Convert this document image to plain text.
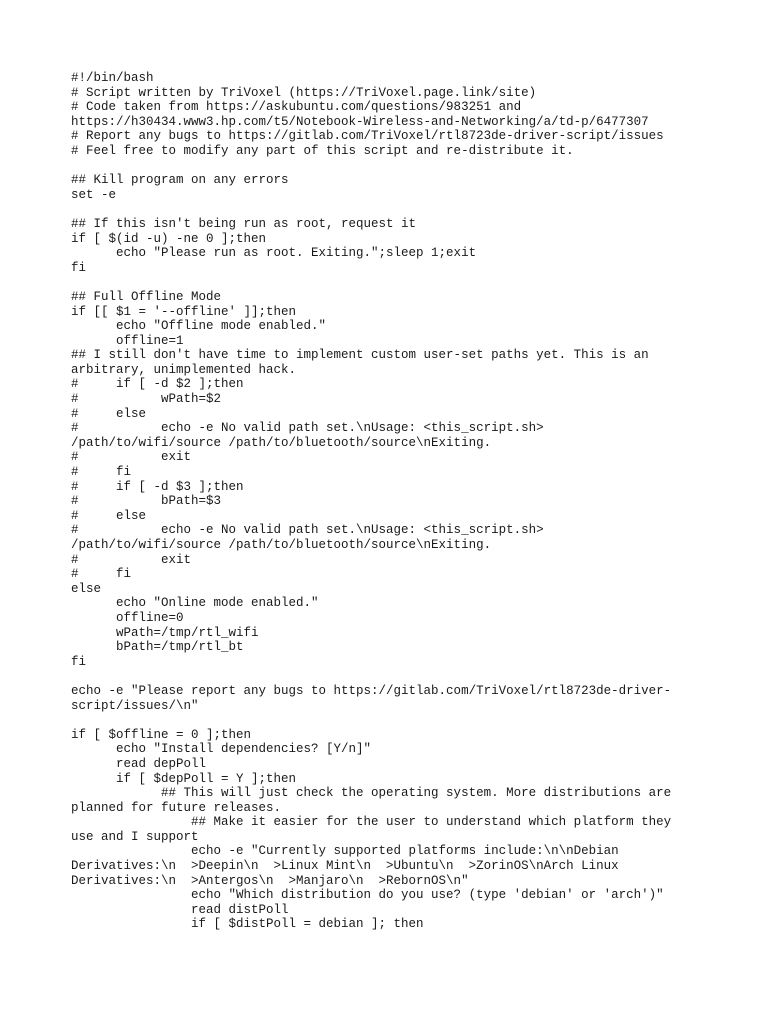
#!/bin/bash
# Script written by TriVoxel (https://TriVoxel.page.link/site)
# Code taken from https://askubuntu.com/questions/983251 and
https://h30434.www3.hp.com/t5/Notebook-Wireless-and-Networking/a/td-p/6477307
# Report any bugs to https://gitlab.com/TriVoxel/rtl8723de-driver-script/issues
# Feel free to modify any part of this script and re-distribute it.
## Kill program on any errors
set -e
## If this isn't being run as root, request it
if [ $(id -u) -ne 0 ];then
echo "Please run as root. Exiting.";sleep 1;exit
fi
## Full Offline Mode
if [[ $1 = '--offline' ]];then
echo "Offline mode enabled."
offline=1
## I still don't have time to implement custom user-set paths yet. This is an
arbitrary, unimplemented hack.
#     if [ -d $2 ];then
#           wPath=$2
#     else
#           echo -e No valid path set.\nUsage: <this_script.sh>
/path/to/wifi/source /path/to/bluetooth/source\nExiting.
#           exit
#     fi
#     if [ -d $3 ];then
#           bPath=$3
#     else
#           echo -e No valid path set.\nUsage: <this_script.sh>
/path/to/wifi/source /path/to/bluetooth/source\nExiting.
#           exit
#     fi
else
echo "Online mode enabled."
offline=0
wPath=/tmp/rtl_wifi
bPath=/tmp/rtl_bt
fi
echo -e "Please report any bugs to https://gitlab.com/TriVoxel/rtl8723de-driver-
script/issues/\n"
if [ $offline = 0 ];then
echo "Install dependencies? [Y/n]"
read depPoll
if [ $depPoll = Y ];then
## This will just check the operating system. More distributions are
planned for future releases.
## Make it easier for the user to understand which platform they
use and I support
echo -e "Currently supported platforms include:\n\nDebian
Derivatives:\n  >Deepin\n  >Linux Mint\n  >Ubuntu\n  >ZorinOS\nArch Linux
Derivatives:\n  >Antergos\n  >Manjaro\n  >RebornOS\n"
echo "Which distribution do you use? (type 'debian' or 'arch')"
read distPoll
if [ $distPoll = debian ]; then
